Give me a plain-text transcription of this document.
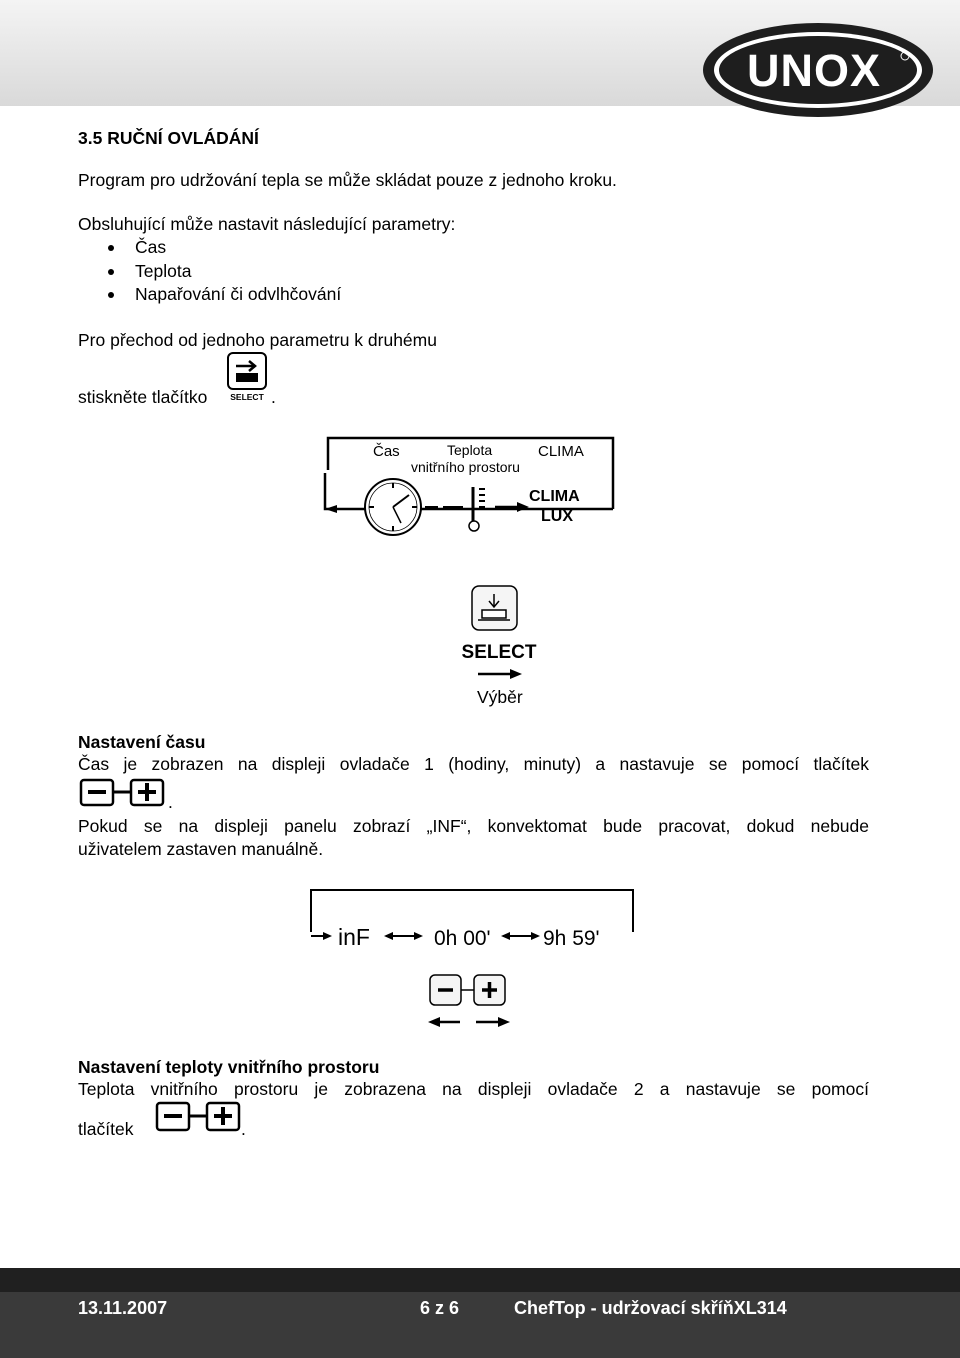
UNOX
3.5 RUČNÍ OVLÁDÁNÍ
Program pro udržování tepla se může skládat pouze z jednoho kroku.
Obsluhující může nastavit následující parametry:
Čas
Teplota
Napařování či odvlhčování
Pro přechod od jednoho parametru k druhému
stiskněte tlačítko	SELECT .
Čas	Teplota
vnitřního prostoru
CLIMA
CLIMA
LUX
SELECT
Výběr
Nastavení času
Čas je zobrazen na displeji ovladače 1 (hodiny, minuty) a nastavuje se pomocí tlačítek
.
Pokud se na displeji panelu zobrazí „INF“, konvektomat bude pracovat, dokud nebude
uživatelem zastaven manuálně.
inF	0h 00' 9h 59'
Nastavení teploty vnitřního prostoru
Teplota vnitřního prostoru je zobrazena na displeji ovladače 2 a nastavuje se pomocí
tlačítek	.
13.11.2007	6 z 6	ChefTop - udržovací skříňXL314
